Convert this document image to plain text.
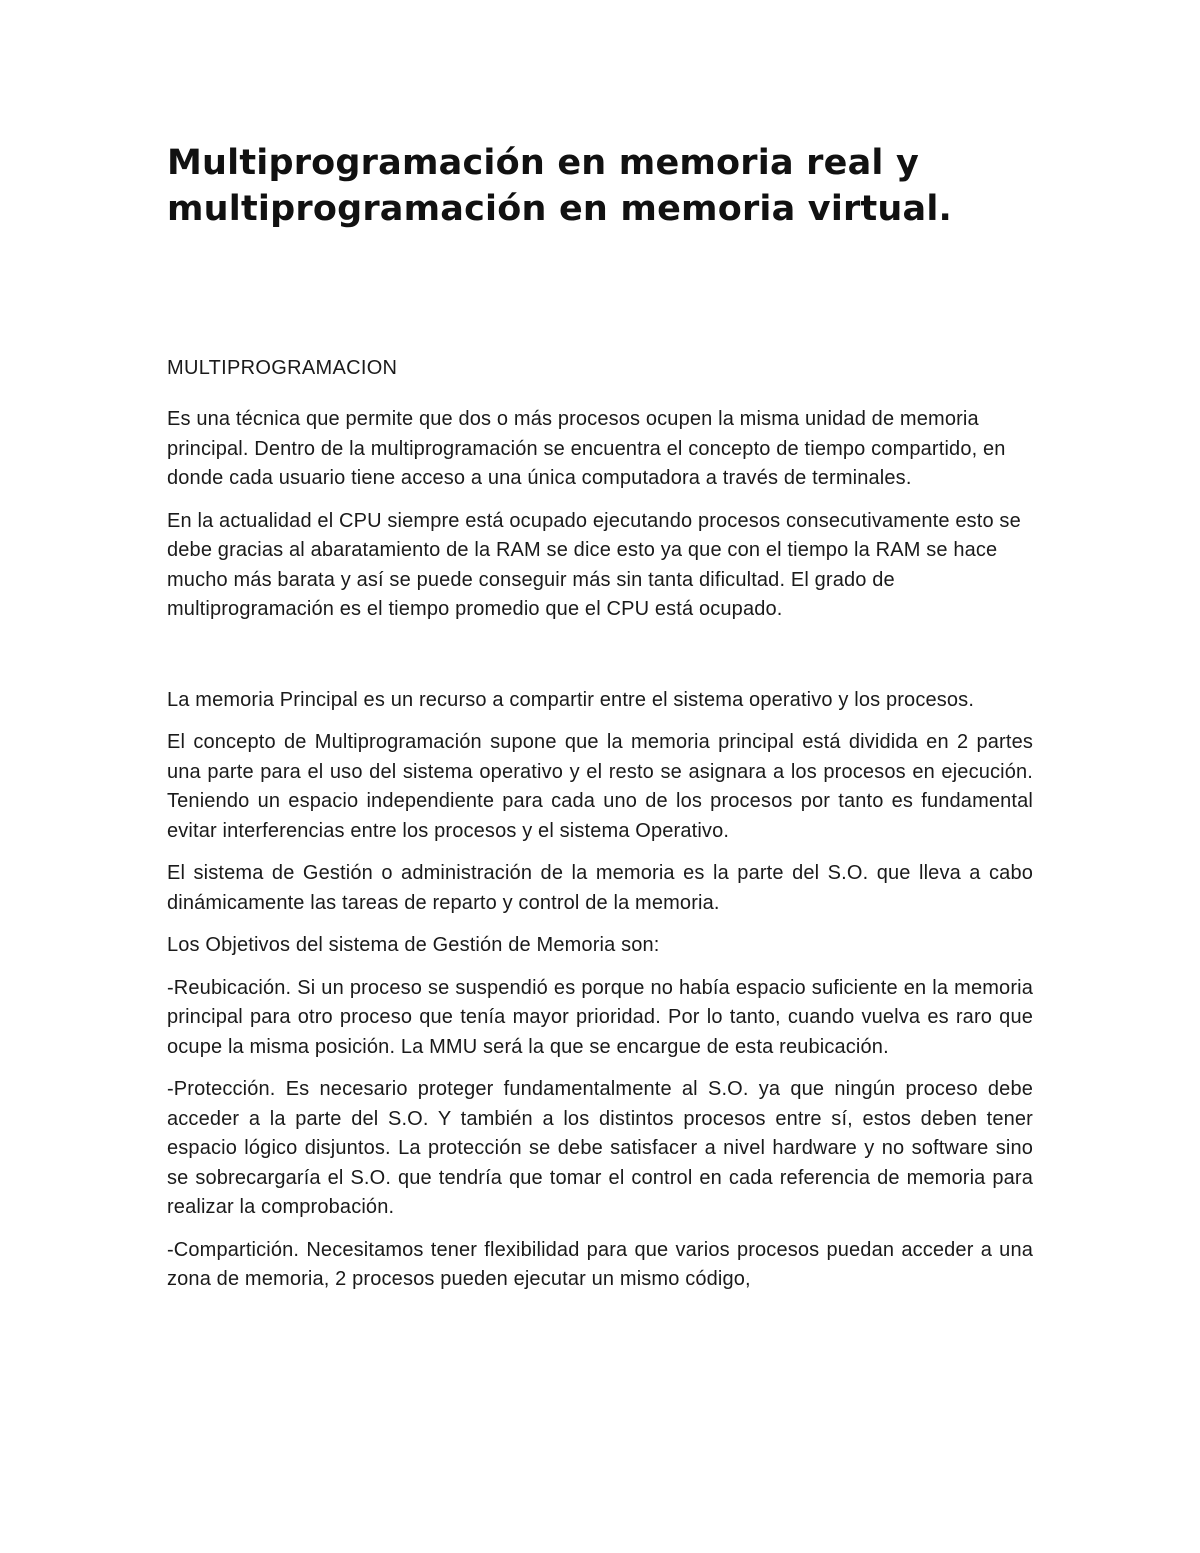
Multiprogramación en memoria real y
multiprogramación en memoria virtual.
MULTIPROGRAMACION

Es una técnica que permite que dos o más procesos ocupen la misma unidad de memoria principal. Dentro de la multiprogramación se encuentra el concepto de tiempo compartido, en donde cada usuario tiene acceso a una única computadora a través de terminales.

En la actualidad el CPU siempre está ocupado ejecutando procesos consecutivamente esto se debe gracias al abaratamiento de la RAM se dice esto ya que con el tiempo la RAM se hace mucho más barata y así se puede conseguir más sin tanta dificultad. El grado de multiprogramación es el tiempo promedio que el CPU está ocupado.

La memoria Principal es un recurso a compartir entre el sistema operativo y los procesos.

El concepto de Multiprogramación supone que la memoria principal está dividida en 2 partes una parte para el uso del sistema operativo y el resto se asignara a los procesos en ejecución. Teniendo un espacio independiente para cada uno de los procesos por tanto es fundamental evitar interferencias entre los procesos y el sistema Operativo.

El sistema de Gestión o administración de la memoria es la parte del S.O. que lleva a cabo dinámicamente las tareas de reparto y control de la memoria.

Los Objetivos del sistema de Gestión de Memoria son:

-Reubicación. Si un proceso se suspendió es porque no había espacio suficiente en la memoria principal para otro proceso que tenía mayor prioridad. Por lo tanto, cuando vuelva es raro que ocupe la misma posición. La MMU será la que se encargue de esta reubicación.

-Protección. Es necesario proteger fundamentalmente al S.O. ya que ningún proceso debe acceder a la parte del S.O. Y también a los distintos procesos entre sí, estos deben tener espacio lógico disjuntos. La protección se debe satisfacer a nivel hardware y no software sino se sobrecargaría el S.O. que tendría que tomar el control en cada referencia de memoria para realizar la comprobación.

-Compartición. Necesitamos tener flexibilidad para que varios procesos puedan acceder a una zona de memoria, 2 procesos pueden ejecutar un mismo código,
